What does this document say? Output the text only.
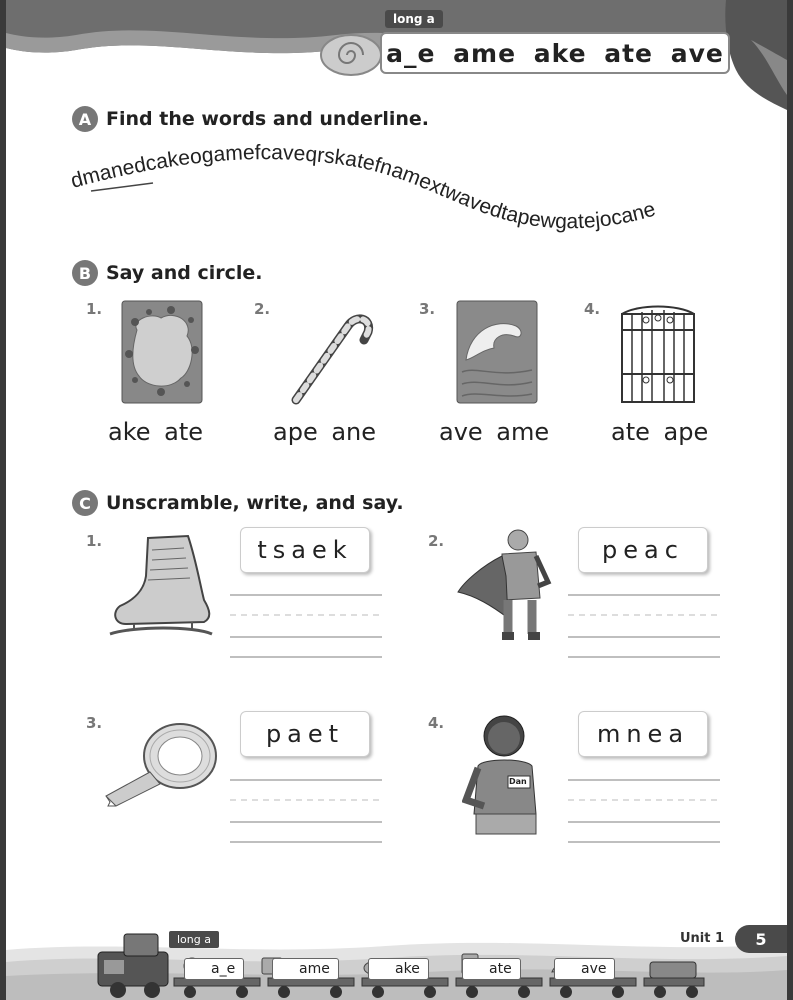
long a
a_e ame ake ate ave
A Find the words and underline.
dmanedcakeogamefcaveqrskatefnamextwavedtapewgatejocane
B Say and circle.
1.
ake ate
2.
ape ane
3.
ave ame
4.
ate ape
C Unscramble, write, and say.
1.	tsaek	2.	peac
3.	paet	4.
Dan
mnea
long a
a_e	ame	ake	ate	ave
Unit 1	5
